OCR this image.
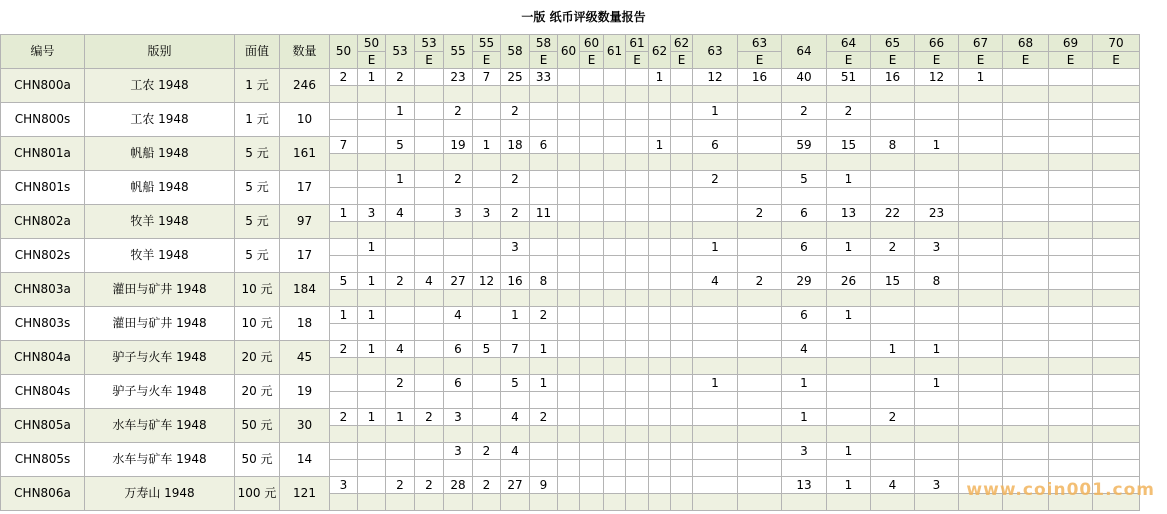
一版 纸币评级数量报告
编号	版别	面值	数量	50	50	53	53	55	55	58	58	60	60	61	61	62	62	63	63	64	64	65	66	67	68	69	70
					E		E		E		E		E		E		E		E		E	E	E	E	E	E	E
CHN800a	工农 1948	1 元	246	2	1	2		23	7	25	33					1		12	16	40	51	16	12	1			

CHN800s	工农 1948	1 元	10			1		2		2								1		2	2						

CHN801a	帆船 1948	5 元	161	7		5		19	1	18	6					1		6		59	15	8	1				

CHN801s	帆船 1948	5 元	17			1		2		2								2		5	1						

CHN802a	牧羊 1948	5 元	97	1	3	4		3	3	2	11								2	6	13	22	23				

CHN802s	牧羊 1948	5 元	17		1					3								1		6	1	2	3				

CHN803a	灌田与矿井 1948	10 元	184	5	1	2	4	27	12	16	8							4	2	29	26	15	8				

CHN803s	灌田与矿井 1948	10 元	18	1	1			4		1	2									6	1						

CHN804a	驴子与火车 1948	20 元	45	2	1	4		6	5	7	1									4		1	1				

CHN804s	驴子与火车 1948	20 元	19			2		6		5	1							1		1			1				

CHN805a	水车与矿车 1948	50 元	30	2	1	1	2	3		4	2									1		2					

CHN805s	水车与矿车 1948	50 元	14					3	2	4										3	1						

CHN806a	万寿山 1948	100 元	121	3		2	2	28	2	27	9									13	1	4	3				
																							www.coin001.com
